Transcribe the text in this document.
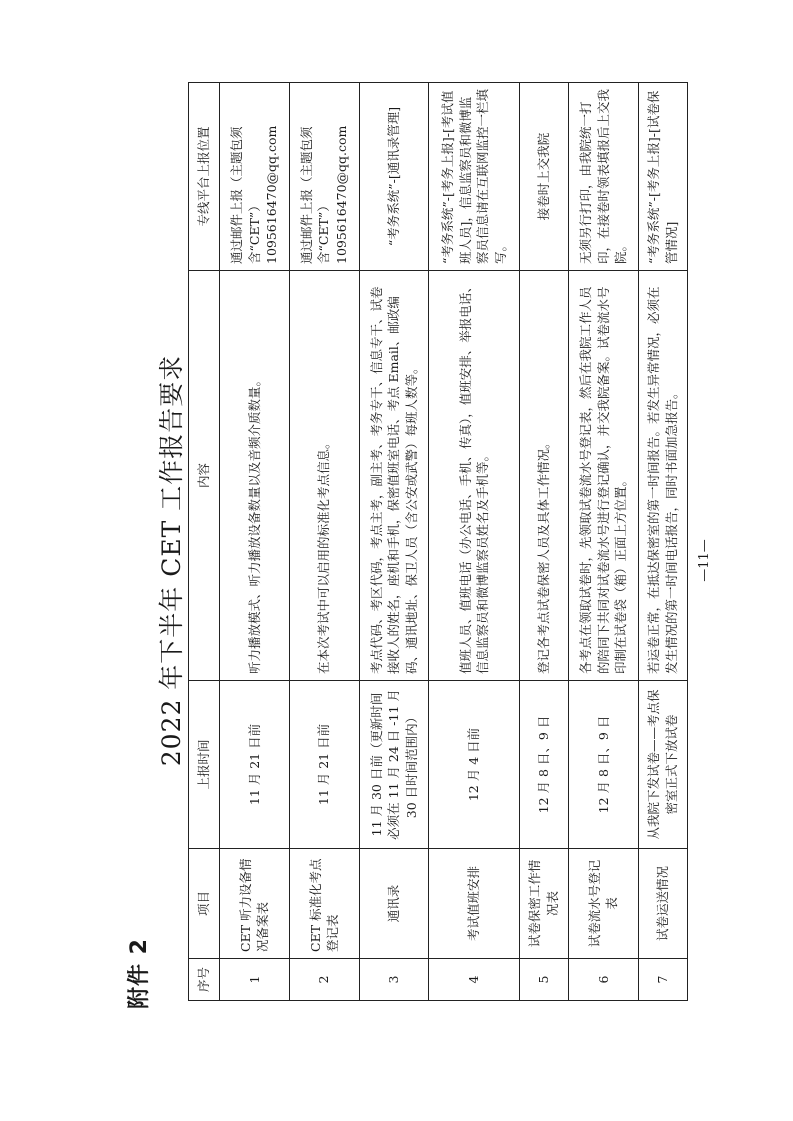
附件 2
2022 年下半年 CET 工作报告要求
序号	项目	上报时间	内容	专线平台上报位置
1	CET 听力设备情况备案表	11 月 21 日前	听力播放模式、听力播放设备数量以及音频介质数量。	通过邮件上报（主题包须含“CET”）1095616470@qq.com
2	CET 标准化考点登记表	11 月 21 日前	在本次考试中可以启用的标准化考点信息。	通过邮件上报（主题包须含“CET”）1095616470@qq.com
3	通讯录	11 月 30 日前（更新时间必须在 11 月 24 日 -11 月 30 日时间范围内）	考点代码、考区代码，考点主考，副主考、考务专干、信息专干、试卷接收人的姓名，座机和手机，保密值班室电话、考点 Email、邮政编码、通讯地址、保卫人员（含公安或武警）每班人数等。	“考务系统”-[通讯录管理]
4	考试值班安排	12 月 4 日前	值班人员、值班电话（办公电话、手机、传真），值班安排、举报电话、信息监察员和微博监察员姓名及手机等。	“考务系统”-[考务上报]-[考试值班人员]，信息监察员和微博监察员信息请在互联网监控一栏填写。
5	试卷保密工作情况表	12 月 8 日、9 日	登记各考点试卷保密人员及具体工作情况。	接卷时上交我院
6	试卷流水号登记表	12 月 8 日、9 日	各考点在领取试卷时，先领取试卷流水号登记表，然后在我院工作人员的陪同下共同对试卷流水号进行登记确认，并交我院备案。试卷流水号印制在试卷袋（箱）正面上方位置。	无须另行打印，由我院统一打印，在接卷时领表填报后上交我院。
7	试卷运送情况	从我院下发试卷——考点保密室正式下放试卷	若运卷正常，在抵达保密室的第一时间报告。若发生异常情况，必须在发生情况的第一时间电话报告，同时书面加急报告。	“考务系统”-[考务上报]-[试卷保管情况]
—11—
